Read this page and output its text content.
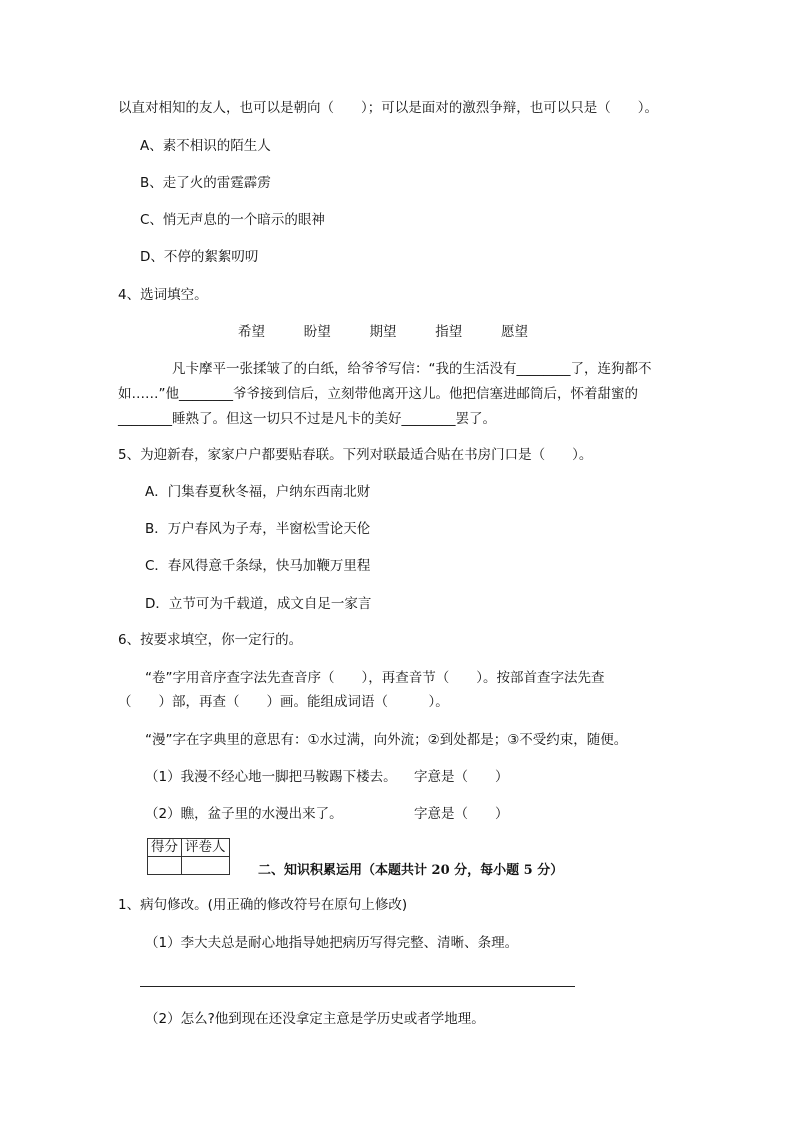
以直对相知的友人，也可以是朝向（　　）；可以是面对的激烈争辩，也可以只是（　　）。
A、素不相识的陌生人
B、走了火的雷霆霹雳
C、悄无声息的一个暗示的眼神
D、不停的絮絮叨叨
4、选词填空。
希望	盼望	期望	指望	愿望
凡卡摩平一张揉皱了的白纸，给爷爷写信：“我的生活没有________了，连狗都不
如……”他________爷爷接到信后，立刻带他离开这儿。他把信塞进邮筒后，怀着甜蜜的
________睡熟了。但这一切只不过是凡卡的美好________罢了。
5、为迎新春，家家户户都要贴春联。下列对联最适合贴在书房门口是（　　）。
A．门集春夏秋冬福，户纳东西南北财
B．万户春风为子寿，半窗松雪论天伦
C．春风得意千条绿，快马加鞭万里程
D．立节可为千载道，成文自足一家言
6、按要求填空，你一定行的。
“卷”字用音序查字法先查音序（　　），再查音节（　　）。按部首查字法先查
（　　）部，再查（　　）画。能组成词语（　　　）。
“漫”字在字典里的意思有：①水过满，向外流；②到处都是；③不受约束，随便。
（1）我漫不经心地一脚把马鞍踢下楼去。 字意是（　　）
（2）瞧，盆子里的水漫出来了。	字意是（　　）
得分	评卷人

二、知识积累运用（本题共计 20 分，每小题 5 分）
1、病句修改。(用正确的修改符号在原句上修改)
（1）李大夫总是耐心地指导她把病历写得完整、清晰、条理。
（2）怎么?他到现在还没拿定主意是学历史或者学地理。
